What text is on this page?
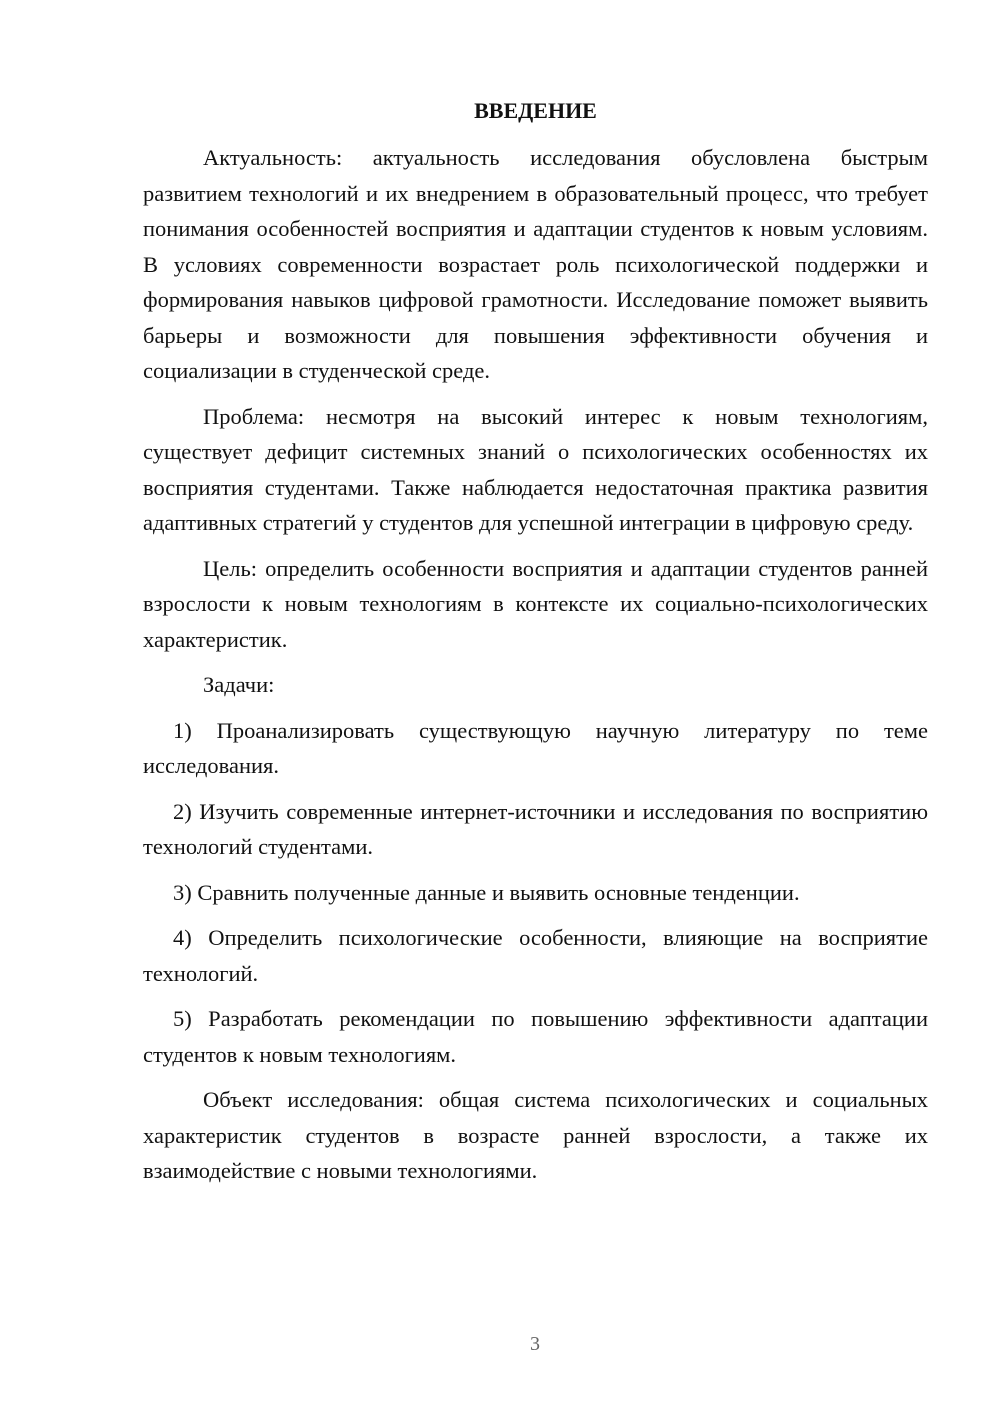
ВВЕДЕНИЕ

Актуальность: актуальность исследования обусловлена быстрым развитием технологий и их внедрением в образовательный процесс, что требует понимания особенностей восприятия и адаптации студентов к новым условиям. В условиях современности возрастает роль психологической поддержки и формирования навыков цифровой грамотности. Исследование поможет выявить барьеры и возможности для повышения эффективности обучения и социализации в студенческой среде.

Проблема: несмотря на высокий интерес к новым технологиям, существует дефицит системных знаний о психологических особенностях их восприятия студентами. Также наблюдается недостаточная практика развития адаптивных стратегий у студентов для успешной интеграции в цифровую среду.

Цель: определить особенности восприятия и адаптации студентов ранней взрослости к новым технологиям в контексте их социально-психологических характеристик.

Задачи:

1) Проанализировать существующую научную литературу по теме исследования.

2) Изучить современные интернет-источники и исследования по восприятию технологий студентами.

3) Сравнить полученные данные и выявить основные тенденции.

4) Определить психологические особенности, влияющие на восприятие технологий.

5) Разработать рекомендации по повышению эффективности адаптации студентов к новым технологиям.

Объект исследования: общая система психологических и социальных характеристик студентов в возрасте ранней взрослости, а также их взаимодействие с новыми технологиями.

3
